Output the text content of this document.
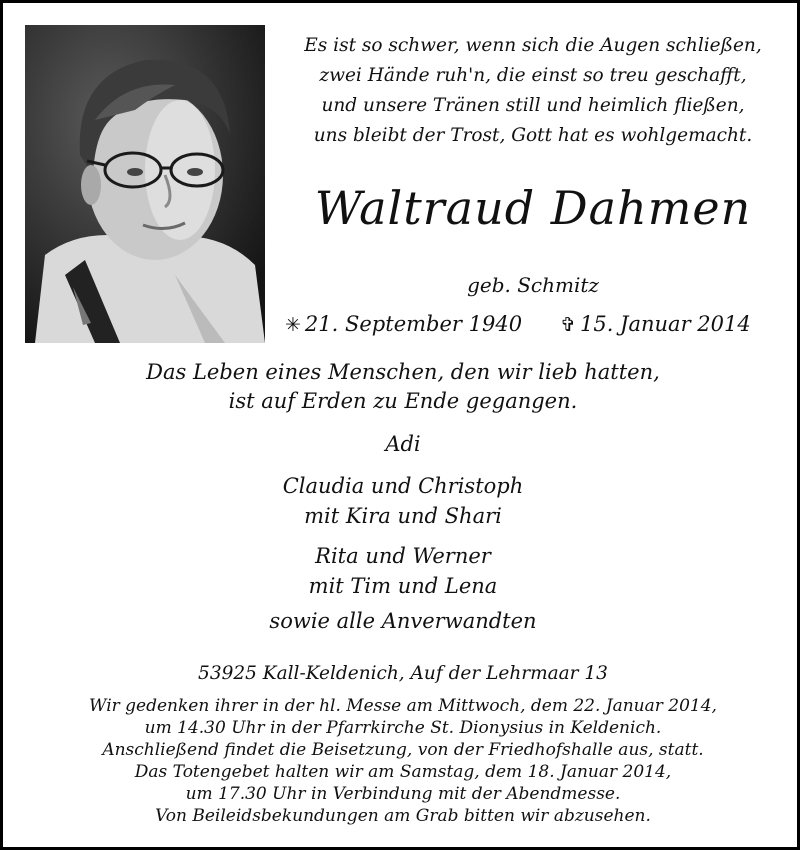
Es ist so schwer, wenn sich die Augen schließen,
zwei Hände ruh'n, die einst so treu geschafft,
und unsere Tränen still und heimlich fließen,
uns bleibt der Trost, Gott hat es wohlgemacht.
Waltraud Dahmen
geb. Schmitz
✳ 21. September 1940 ✞ 15. Januar 2014
Das Leben eines Menschen, den wir lieb hatten,
ist auf Erden zu Ende gegangen.
Adi
Claudia und Christoph
mit Kira und Shari
Rita und Werner
mit Tim und Lena
sowie alle Anverwandten
53925 Kall-Keldenich, Auf der Lehrmaar 13
Wir gedenken ihrer in der hl. Messe am Mittwoch, dem 22. Januar 2014,
um 14.30 Uhr in der Pfarrkirche St. Dionysius in Keldenich.
Anschließend findet die Beisetzung, von der Friedhofshalle aus, statt.
Das Totengebet halten wir am Samstag, dem 18. Januar 2014,
um 17.30 Uhr in Verbindung mit der Abendmesse.
Von Beileidsbekundungen am Grab bitten wir abzusehen.
